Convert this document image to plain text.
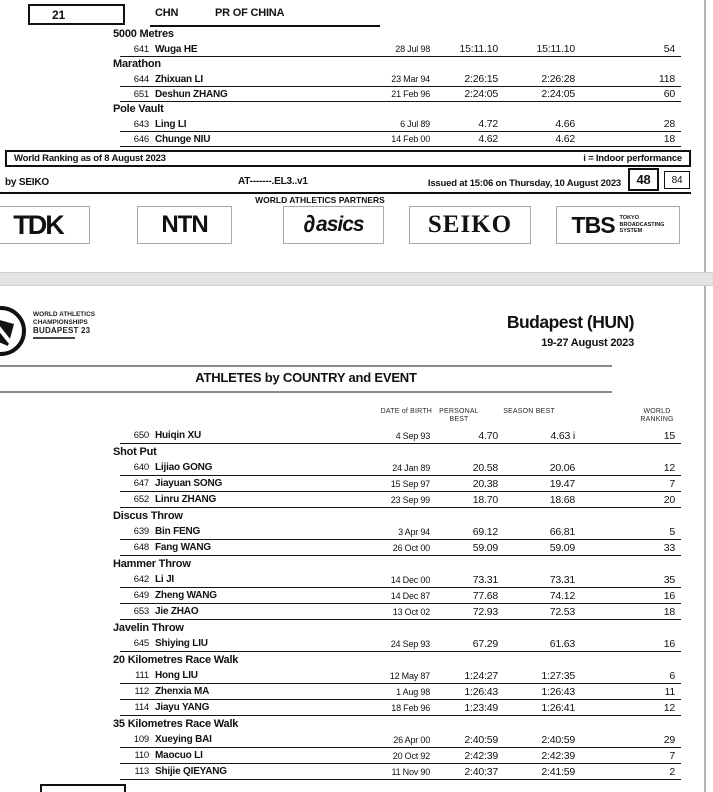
21	CHN	PR OF CHINA
5000 Metres
641 Wuga HE	28 Jul 98	15:11.10	15:11.10	54
Marathon
644 Zhixuan LI	23 Mar 94	2:26:15	2:26:28	118
651 Deshun ZHANG	21 Feb 96	2:24:05	2:24:05	60
Pole Vault
643 Ling LI	6 Jul 89	4.72	4.66	28
646 Chunge NIU	14 Feb 00	4.62	4.62	18
World Ranking as of 8 August 2023	i = Indoor performance
by SEIKO	AT-------.EL3..v1	Issued at 15:06 on Thursday, 10 August 2023 48 84
WORLD ATHLETICS PARTNERS
TDK	NTN	∂ asics	SEIKO	TBS TOKYO
BROADCASTING
SYSTEM
WORLD ATHLETICS
CHAMPIONSHIPS
BUDAPEST 23	Budapest (HUN)
19-27 August 2023
ATHLETES by COUNTRY and EVENT
DATE of BIRTH	PERSONAL
BEST
SEASON BEST	WORLD
RANKING
650 Huiqin XU	4 Sep 93	4.70	4.63 i	15
Shot Put
640 Lijiao GONG	24 Jan 89	20.58	20.06	12
647 Jiayuan SONG	15 Sep 97	20.38	19.47	7
652 Linru ZHANG	23 Sep 99	18.70	18.68	20
Discus Throw
639 Bin FENG	3 Apr 94	69.12	66.81	5
648 Fang WANG	26 Oct 00	59.09	59.09	33
Hammer Throw
642 Li JI	14 Dec 00	73.31	73.31	35
649 Zheng WANG	14 Dec 87	77.68	74.12	16
653 Jie ZHAO	13 Oct 02	72.93	72.53	18
Javelin Throw
645 Shiying LIU	24 Sep 93	67.29	61.63	16
20 Kilometres Race Walk
111 Hong LIU	12 May 87	1:24:27	1:27:35	6
112 Zhenxia MA	1 Aug 98	1:26:43	1:26:43	11
114 Jiayu YANG	18 Feb 96	1:23:49	1:26:41	12
35 Kilometres Race Walk
109 Xueying BAI	26 Apr 00	2:40:59	2:40:59	29
110 Maocuo LI	20 Oct 92	2:42:39	2:42:39	7
113 Shijie QIEYANG	11 Nov 90	2:40:37	2:41:59	2
